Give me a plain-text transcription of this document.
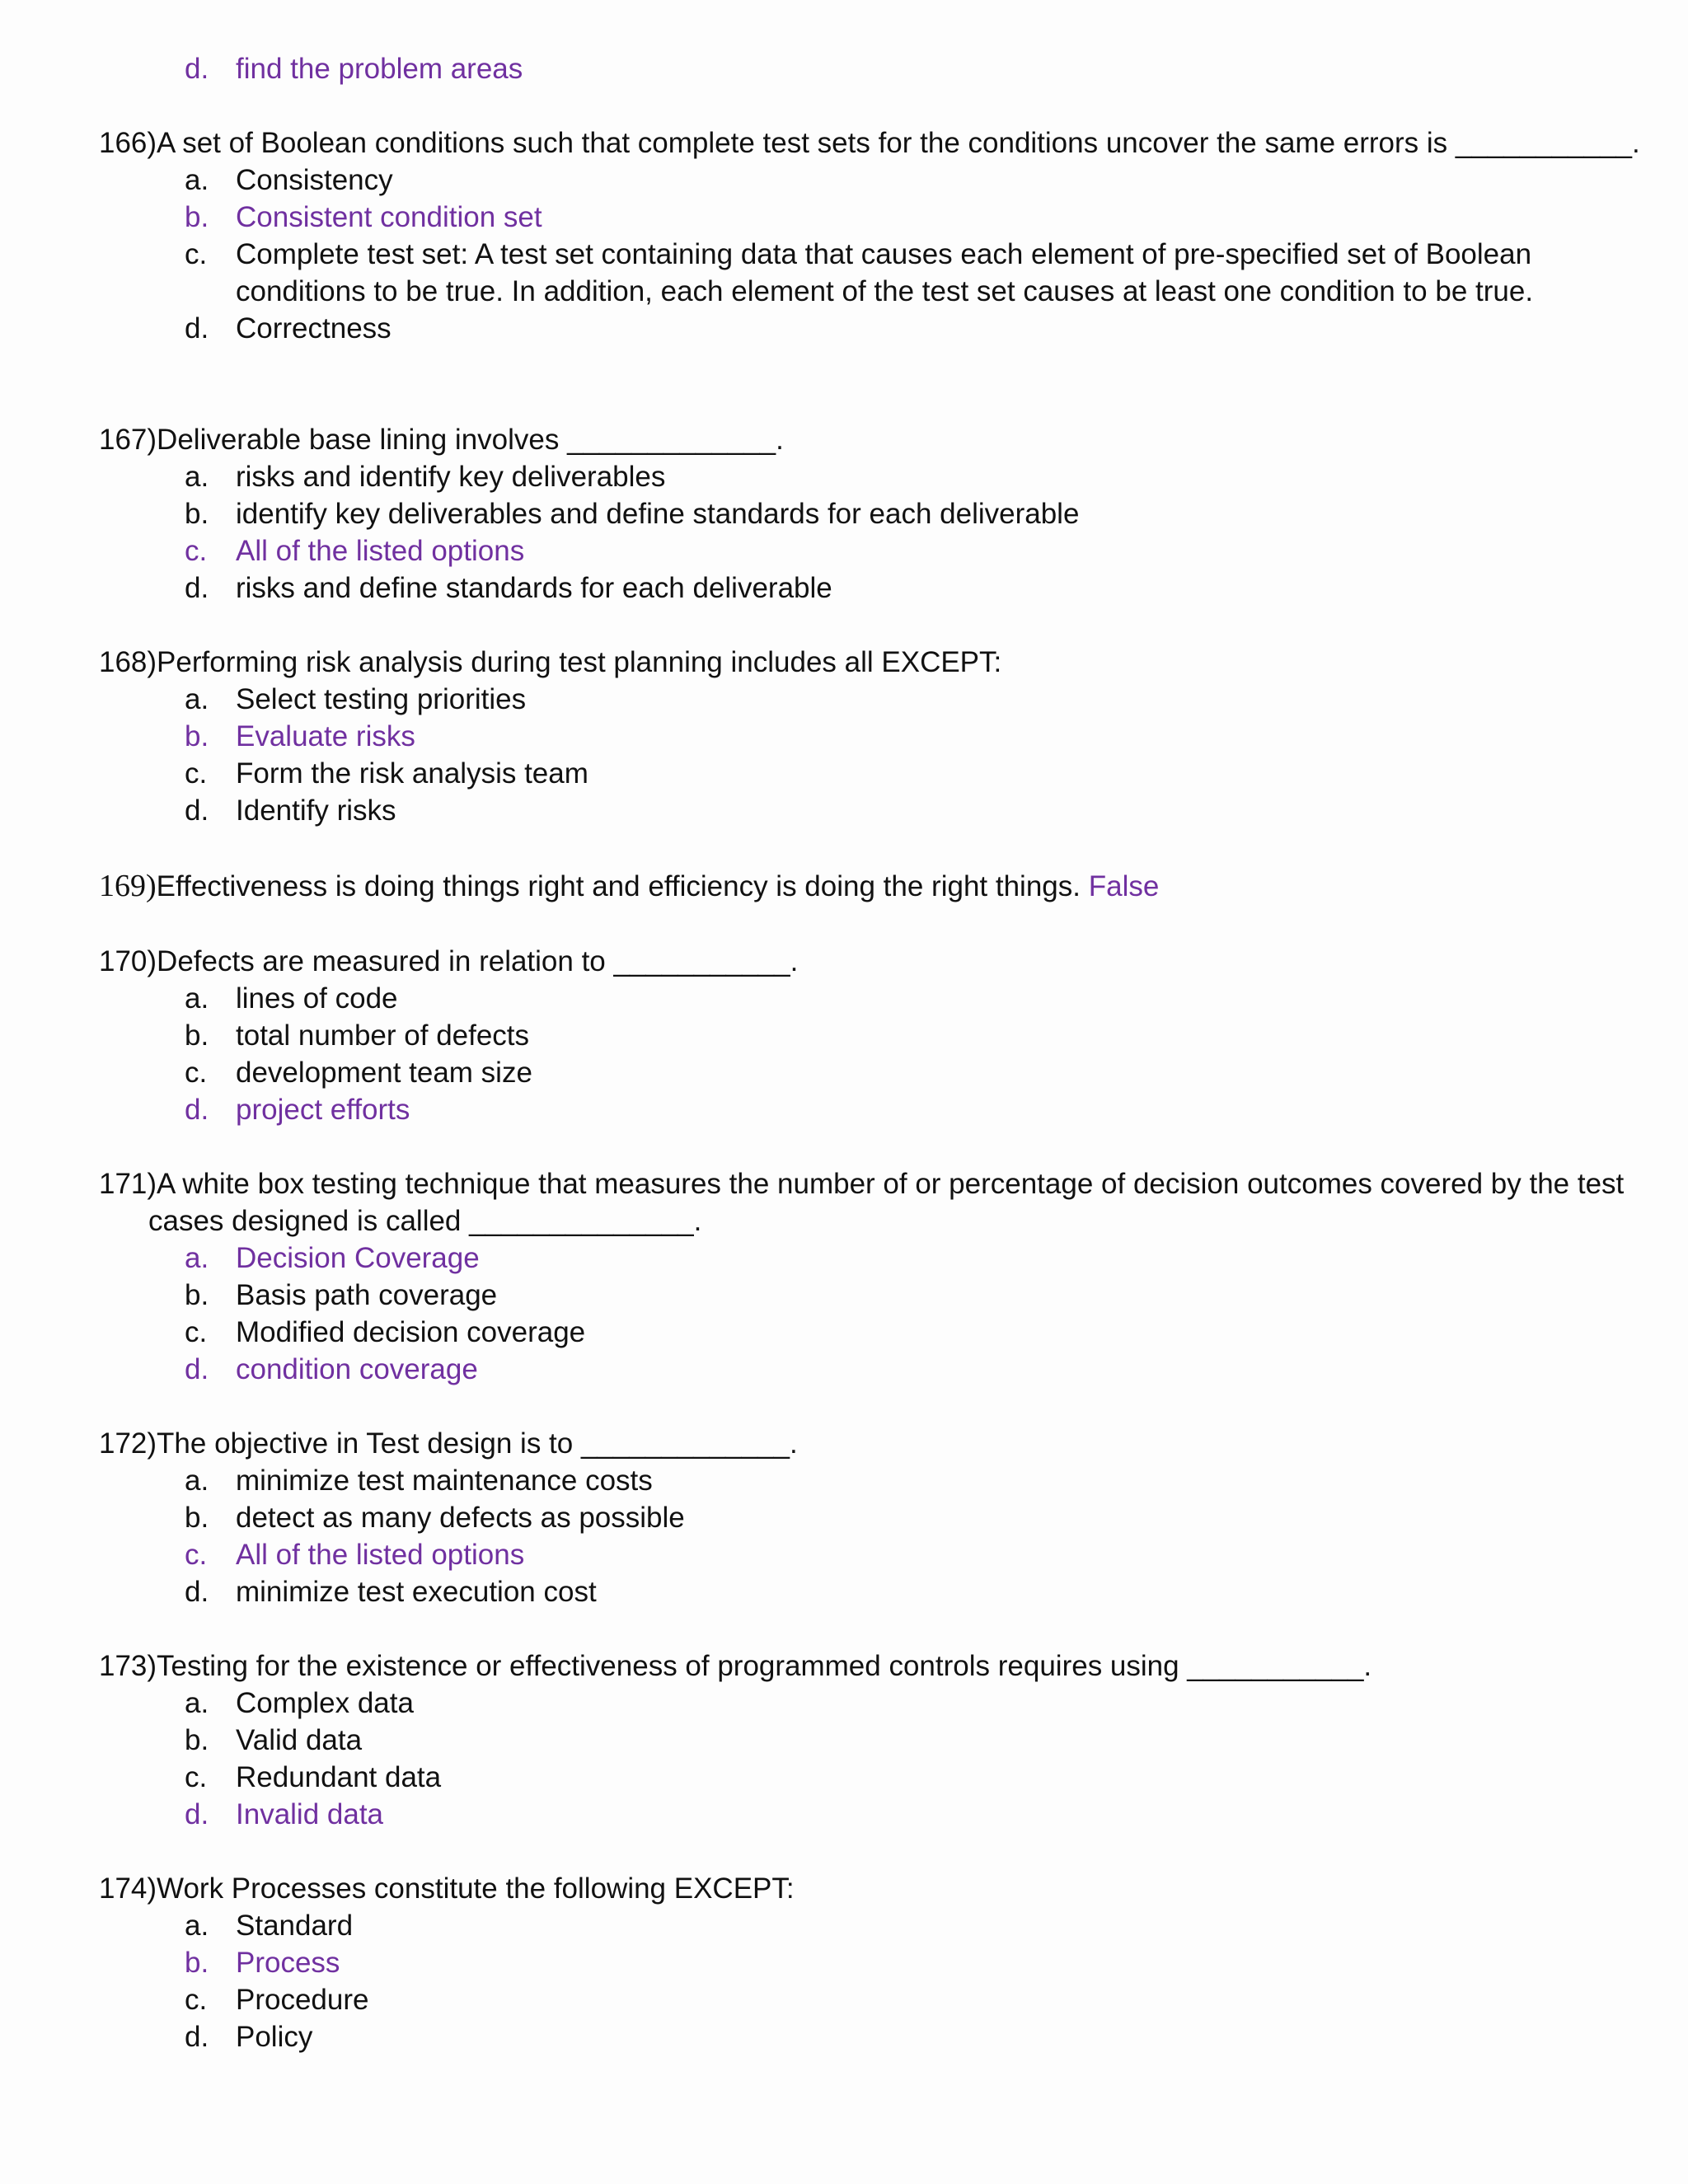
d. find the problem areas
166)A set of Boolean conditions such that complete test sets for the conditions uncover the same errors is ___________.
a. Consistency
b. Consistent condition set
c. Complete test set: A test set containing data that causes each element of pre-specified set of Boolean conditions to be true. In addition, each element of the test set causes at least one condition to be true.
d. Correctness
167)Deliverable base lining involves _____________.
a. risks and identify key deliverables
b. identify key deliverables and define standards for each deliverable
c. All of the listed options
d. risks and define standards for each deliverable
168)Performing risk analysis during test planning includes all EXCEPT:
a. Select testing priorities
b. Evaluate risks
c. Form the risk analysis team
d. Identify risks
169)Effectiveness is doing things right and efficiency is doing the right things. False
170)Defects are measured in relation to ___________.
a. lines of code
b. total number of defects
c. development team size
d. project efforts
171)A white box testing technique that measures the number of or percentage of decision outcomes covered by the test
cases designed is called ______________.
a. Decision Coverage
b. Basis path coverage
c. Modified decision coverage
d. condition coverage
172)The objective in Test design is to _____________.
a. minimize test maintenance costs
b. detect as many defects as possible
c. All of the listed options
d. minimize test execution cost
173)Testing for the existence or effectiveness of programmed controls requires using ___________.
a. Complex data
b. Valid data
c. Redundant data
d. Invalid data
174)Work Processes constitute the following EXCEPT:
a. Standard
b. Process
c. Procedure
d. Policy
